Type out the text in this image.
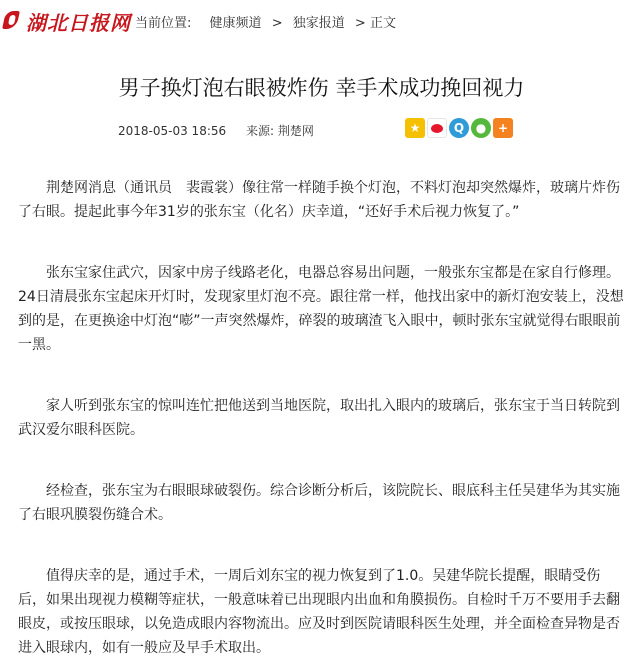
湖北日报网 当前位置: 健康频道 > 独家报道 > 正文
男子换灯泡右眼被炸伤 幸手术成功挽回视力
2018-05-03 18:56 来源: 荆楚网	★	Q ● +

荆楚网消息（通讯员　裴霞裳）像往常一样随手换个灯泡，不料灯泡却突然爆炸，玻璃片炸伤了右眼。提起此事今年31岁的张东宝（化名）庆幸道，“还好手术后视力恢复了。”

张东宝家住武穴，因家中房子线路老化，电器总容易出问题，一般张东宝都是在家自行修理。24日清晨张东宝起床开灯时，发现家里灯泡不亮。跟往常一样，他找出家中的新灯泡安装上，没想到的是，在更换途中灯泡“嘭”一声突然爆炸，碎裂的玻璃渣飞入眼中，顿时张东宝就觉得右眼眼前一黑。

家人听到张东宝的惊叫连忙把他送到当地医院，取出扎入眼内的玻璃后，张东宝于当日转院到武汉爱尔眼科医院。

经检查，张东宝为右眼眼球破裂伤。综合诊断分析后，该院院长、眼底科主任吴建华为其实施了右眼巩膜裂伤缝合术。

值得庆幸的是，通过手术，一周后刘东宝的视力恢复到了1.0。吴建华院长提醒，眼睛受伤后，如果出现视力模糊等症状，一般意味着已出现眼内出血和角膜损伤。自检时千万不要用手去翻眼皮，或按压眼球，以免造成眼内容物流出。应及时到医院请眼科医生处理，并全面检查异物是否进入眼球内，如有一般应及早手术取出。
